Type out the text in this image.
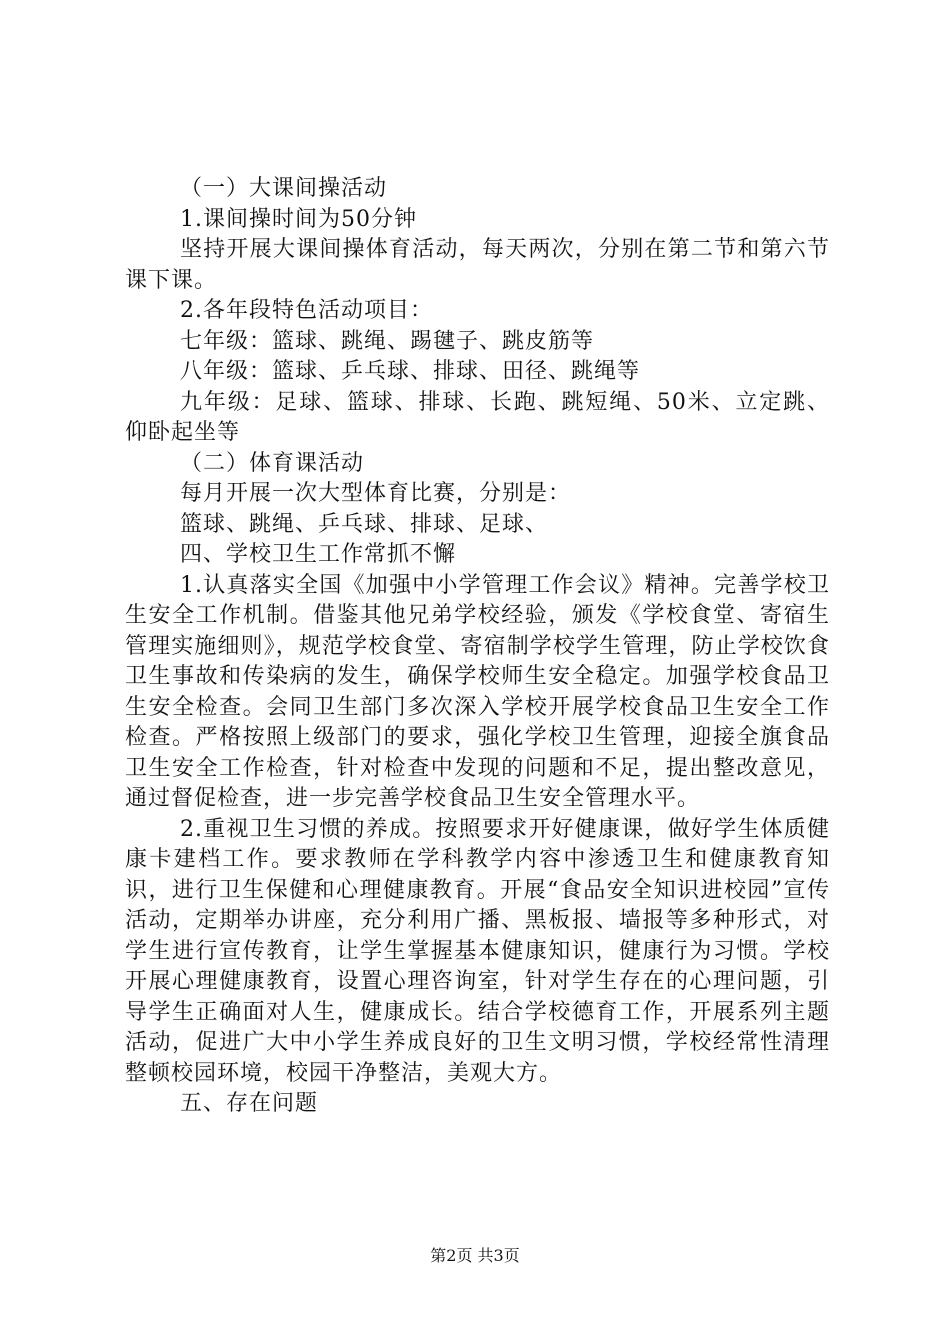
（一）大课间操活动

1.课间操时间为50分钟

坚持开展大课间操体育活动，每天两次，分别在第二节和第六节课下课。

2.各年段特色活动项目：

七年级：篮球、跳绳、踢毽子、跳皮筋等

八年级：篮球、乒乓球、排球、田径、跳绳等

九年级：足球、篮球、排球、长跑、跳短绳、50米、立定跳、仰卧起坐等

（二）体育课活动

每月开展一次大型体育比赛，分别是：

篮球、跳绳、乒乓球、排球、足球、

四、学校卫生工作常抓不懈

1.认真落实全国《加强中小学管理工作会议》精神。完善学校卫生安全工作机制。借鉴其他兄弟学校经验，颁发《学校食堂、寄宿生管理实施细则》，规范学校食堂、寄宿制学校学生管理，防止学校饮食卫生事故和传染病的发生，确保学校师生安全稳定。加强学校食品卫生安全检查。会同卫生部门多次深入学校开展学校食品卫生安全工作检查。严格按照上级部门的要求，强化学校卫生管理，迎接全旗食品卫生安全工作检查，针对检查中发现的问题和不足，提出整改意见，通过督促检查，进一步完善学校食品卫生安全管理水平。

2.重视卫生习惯的养成。按照要求开好健康课，做好学生体质健康卡建档工作。要求教师在学科教学内容中渗透卫生和健康教育知识，进行卫生保健和心理健康教育。开展“食品安全知识进校园”宣传活动，定期举办讲座，充分利用广播、黑板报、墙报等多种形式，对学生进行宣传教育，让学生掌握基本健康知识，健康行为习惯。学校开展心理健康教育，设置心理咨询室，针对学生存在的心理问题，引导学生正确面对人生，健康成长。结合学校德育工作，开展系列主题活动，促进广大中小学生养成良好的卫生文明习惯，学校经常性清理整顿校园环境，校园干净整洁，美观大方。

五、存在问题

第2页 共3页
